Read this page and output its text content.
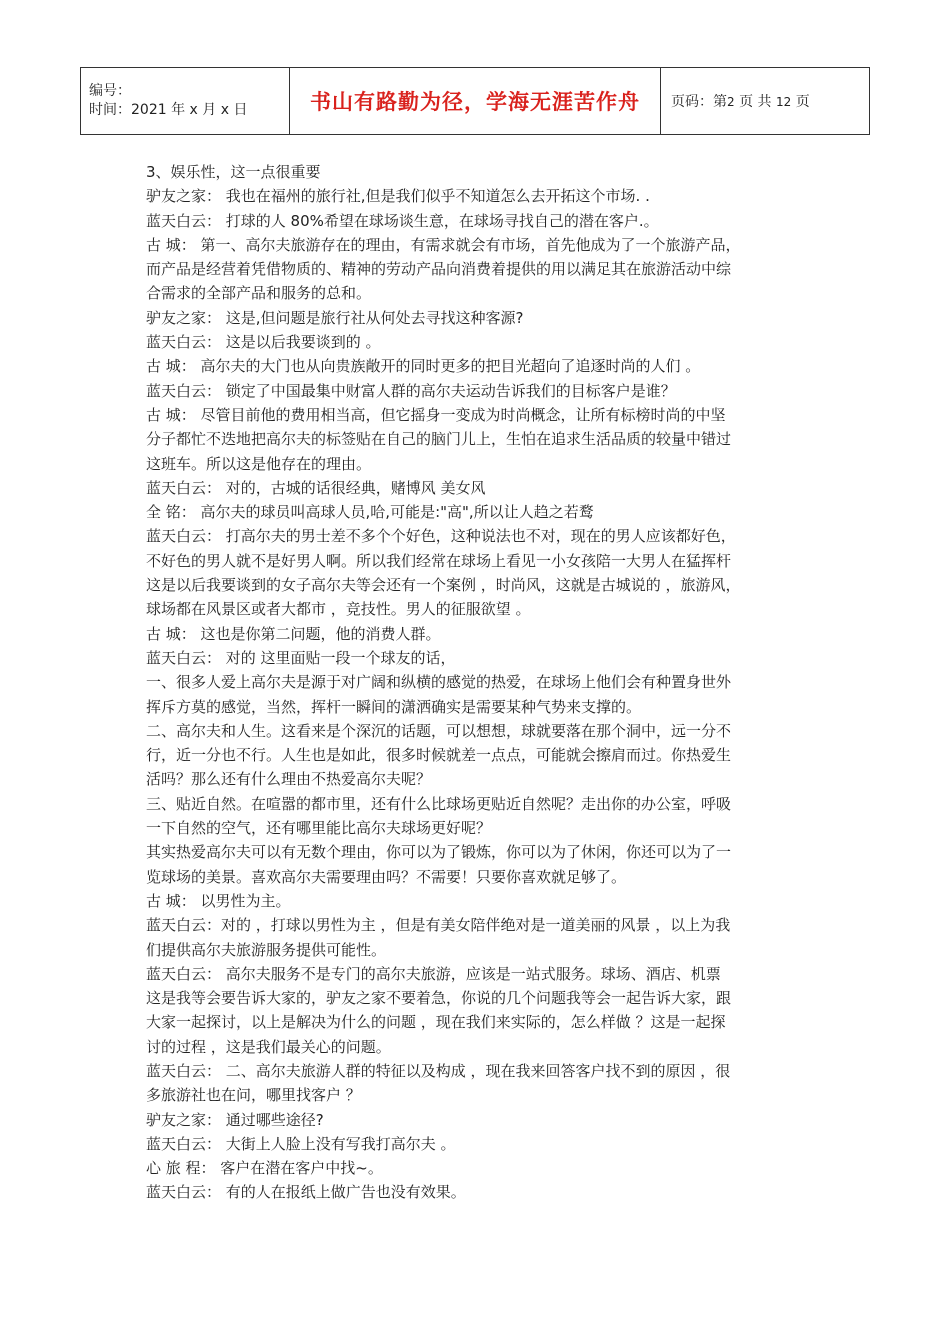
编号：
时间：2021 年 x 月 x 日	书山有路勤为径，学海无涯苦作舟	页码：第2 页 共 12 页

3、娱乐性，这一点很重要

驴友之家： 我也在福州的旅行社,但是我们似乎不知道怎么去开拓这个市场. .

蓝天白云： 打球的人 80%希望在球场谈生意，在球场寻找自己的潜在客户.。

古 城： 第一、高尔夫旅游存在的理由，有需求就会有市场，首先他成为了一个旅游产品，

而产品是经营着凭借物质的、精神的劳动产品向消费着提供的用以满足其在旅游活动中综

合需求的全部产品和服务的总和。

驴友之家： 这是,但问题是旅行社从何处去寻找这种客源?

蓝天白云： 这是以后我要谈到的 。

古 城： 高尔夫的大门也从向贵族敞开的同时更多的把目光超向了追逐时尚的人们 。

蓝天白云： 锁定了中国最集中财富人群的高尔夫运动告诉我们的目标客户是谁？

古 城： 尽管目前他的费用相当高，但它摇身一变成为时尚概念，让所有标榜时尚的中坚

分子都忙不迭地把高尔夫的标签贴在自己的脑门儿上，生怕在追求生活品质的较量中错过

这班车。所以这是他存在的理由。

蓝天白云： 对的，古城的话很经典，赌博风 美女风

全 铭： 高尔夫的球员叫高球人员,哈,可能是:"高",所以让人趋之若鹜

蓝天白云： 打高尔夫的男士差不多个个好色，这种说法也不对，现在的男人应该都好色，

不好色的男人就不是好男人啊。所以我们经常在球场上看见一小女孩陪一大男人在猛挥杆

这是以后我要谈到的女子高尔夫等会还有一个案例 ，时尚风，这就是古城说的 ，旅游风，

球场都在风景区或者大都市 ，竞技性。男人的征服欲望 。

古 城： 这也是你第二问题，他的消费人群。

蓝天白云： 对的 这里面贴一段一个球友的话，

一、很多人爱上高尔夫是源于对广阔和纵横的感觉的热爱，在球场上他们会有种置身世外

挥斥方莫的感觉，当然，挥杆一瞬间的潇洒确实是需要某种气势来支撑的。

二、高尔夫和人生。这看来是个深沉的话题，可以想想，球就要落在那个洞中，远一分不

行，近一分也不行。人生也是如此，很多时候就差一点点，可能就会擦肩而过。你热爱生

活吗？那么还有什么理由不热爱高尔夫呢？

三、贴近自然。在喧嚣的都市里，还有什么比球场更贴近自然呢？走出你的办公室，呼吸

一下自然的空气，还有哪里能比高尔夫球场更好呢？

其实热爱高尔夫可以有无数个理由，你可以为了锻炼，你可以为了休闲，你还可以为了一

览球场的美景。喜欢高尔夫需要理由吗？不需要！只要你喜欢就足够了。

古 城： 以男性为主。

蓝天白云：对的 ，打球以男性为主 ，但是有美女陪伴绝对是一道美丽的风景 ，以上为我

们提供高尔夫旅游服务提供可能性。

蓝天白云： 高尔夫服务不是专门的高尔夫旅游，应该是一站式服务。球场、酒店、机票

这是我等会要告诉大家的，驴友之家不要着急，你说的几个问题我等会一起告诉大家，跟

大家一起探讨，以上是解决为什么的问题 ，现在我们来实际的，怎么样做 ？这是一起探

讨的过程 ，这是我们最关心的问题。

蓝天白云： 二、高尔夫旅游人群的特征以及构成 ，现在我来回答客户找不到的原因 ，很

多旅游社也在问，哪里找客户 ？

驴友之家： 通过哪些途径?

蓝天白云： 大街上人脸上没有写我打高尔夫 。

心 旅 程： 客户在潜在客户中找~。

蓝天白云： 有的人在报纸上做广告也没有效果。
